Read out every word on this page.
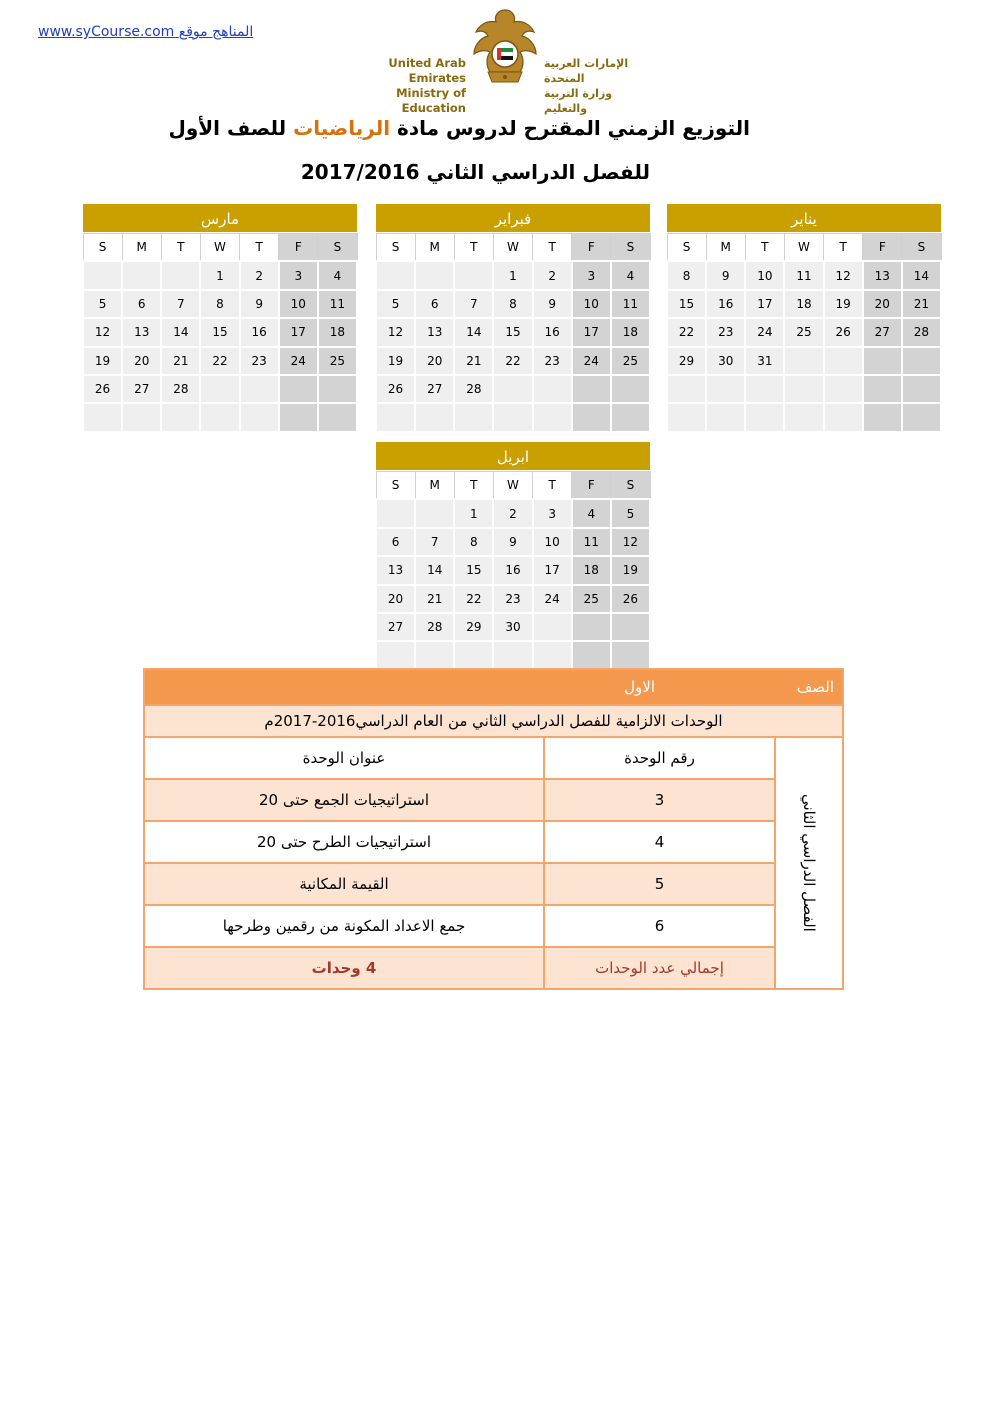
www.syCourse.com المناهج موقع
United Arab Emirates
Ministry of Education
الإمارات العربية المتحدة
وزارة التربية والتعليم
التوزيع الزمني المقترح لدروس مادة الرياضيات للصف الأول
للفصل الدراسي الثاني 2017/2016
يناير
S	M	T	W	T	F	S
8	9	10	11	12	13	14
15	16	17	18	19	20	21
22	23	24	25	26	27	28
29	30	31				

فبراير
S	M	T	W	T	F	S
			1	2	3	4
5	6	7	8	9	10	11
12	13	14	15	16	17	18
19	20	21	22	23	24	25
26	27	28				

مارس
S	M	T	W	T	F	S
			1	2	3	4
5	6	7	8	9	10	11
12	13	14	15	16	17	18
19	20	21	22	23	24	25
26	27	28				

ابريل
S	M	T	W	T	F	S
		1	2	3	4	5
6	7	8	9	10	11	12
13	14	15	16	17	18	19
20	21	22	23	24	25	26
27	28	29	30			

الصف	الاول	
الوحدات الالزامية للفصل الدراسي الثاني من العام الدراسي2016-2017م		
الفصل الدراسي الثاني	رقم الوحدة	عنوان الوحدة
	3	استراتيجيات الجمع حتى 20
	4	استراتيجيات الطرح حتى 20
	5	القيمة المكانية
	6	جمع الاعداد المكونة من رقمين وطرحها
	إجمالي عدد الوحدات	4 وحدات
